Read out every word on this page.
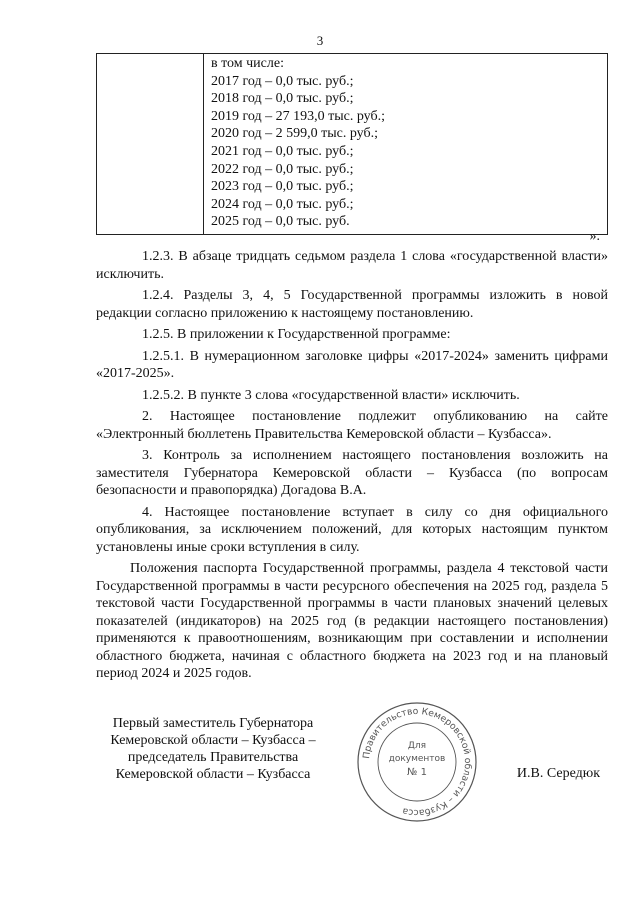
3

в том числе:
2017 год – 0,0 тыс. руб.;
2018 год – 0,0 тыс. руб.;
2019 год – 27 193,0 тыс. руб.;
2020 год – 2 599,0 тыс. руб.;
2021 год – 0,0 тыс. руб.;
2022 год – 0,0 тыс. руб.;
2023 год – 0,0 тыс. руб.;
2024 год – 0,0 тыс. руб.;
2025 год – 0,0 тыс. руб.
».

1.2.3. В абзаце тридцать седьмом раздела 1 слова «государственной власти» исключить.

1.2.4. Разделы 3, 4, 5 Государственной программы изложить в новой редакции согласно приложению к настоящему постановлению.

1.2.5. В приложении к Государственной программе:

1.2.5.1. В нумерационном заголовке цифры «2017-2024» заменить цифрами «2017-2025».

1.2.5.2. В пункте 3 слова «государственной власти» исключить.

2. Настоящее постановление подлежит опубликованию на сайте «Электронный бюллетень Правительства Кемеровской области – Кузбасса».

3. Контроль за исполнением настоящего постановления возложить на заместителя Губернатора Кемеровской области – Кузбасса (по вопросам безопасности и правопорядка) Догадова В.А.

4. Настоящее постановление вступает в силу со дня официального опубликования, за исключением положений, для которых настоящим пунктом установлены иные сроки вступления в силу.

Положения паспорта Государственной программы, раздела 4 текстовой части Государственной программы в части ресурсного обеспечения на 2025 год, раздела 5 текстовой части Государственной программы в части плановых значений целевых показателей (индикаторов) на 2025 год (в редакции настоящего постановления) применяются к правоотношениям, возникающим при составлении и исполнении областного бюджета, начиная с областного бюджета на 2023 год и на плановый период 2024 и 2025 годов.

Первый заместитель Губернатора
Кемеровской области – Кузбасса –
председатель Правительства
Кемеровской области – Кузбасса
Правительство Кемеровской области – Кузбасса
Для
документов
№ 1	И.В. Середюк
